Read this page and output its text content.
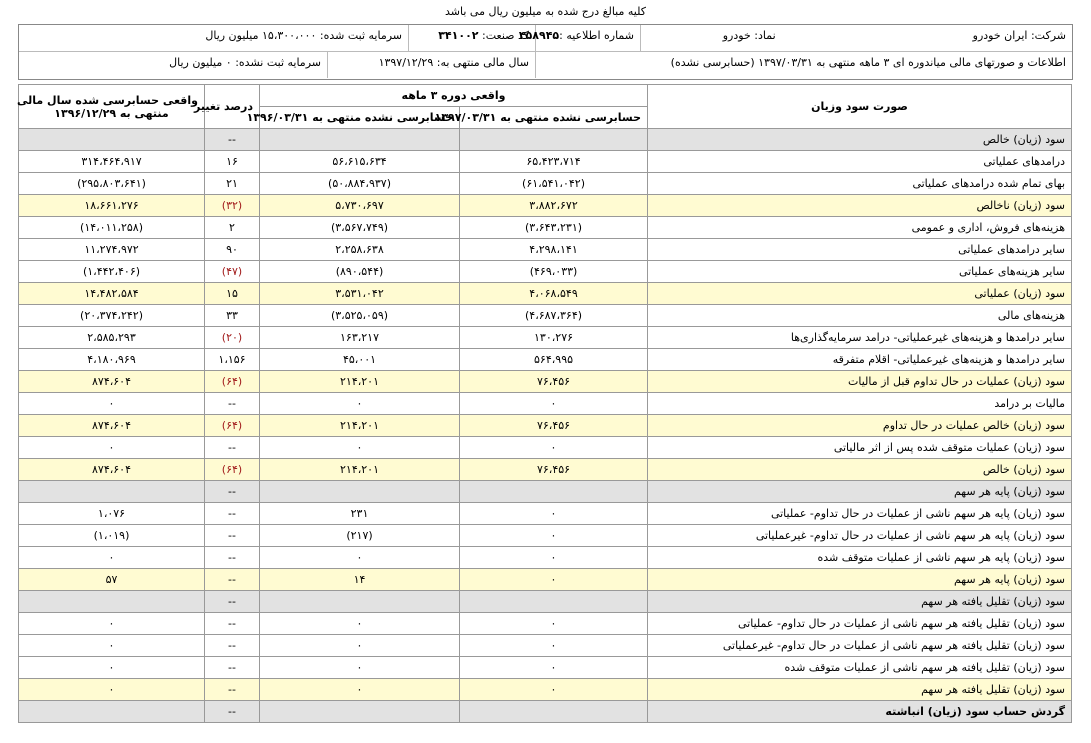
کلیه مبالغ درج شده به میلیون ریال می باشد
شرکت: ایران خودرو  نماد: خودرو
شماره اطلاعیه :۴۵۸۹۴۵
کد صنعت: ۳۴۱۰۰۲
سرمایه ثبت شده: ۱۵،۳۰۰،۰۰۰ میلیون ریال
اطلاعات و صورتهای مالی میاندوره ای ۳ ماهه منتهی به ۱۳۹۷/۰۳/۳۱ (حسابرسی نشده)
سال مالی منتهی به: ۱۳۹۷/۱۲/۲۹
سرمایه ثبت نشده: ۰ میلیون ریال
صورت سود وزیان	واقعی دوره ۳ ماهه		درصد تغییر	واقعی حسابرسی شده سال مالی
منتهی به ۱۳۹۶/۱۲/۲۹

	حسابرسی نشده منتهی به ۱۳۹۷/۰۳/۳۱	حسابرسی نشده منتهی به ۱۳۹۶/۰۳/۳۱		
سود (زیان) خالص			--	
درامدهای عملیاتی	۶۵،۴۲۳،۷۱۴	۵۶،۶۱۵،۶۳۴	۱۶	۳۱۴،۴۶۴،۹۱۷
بهای تمام شده درامدهای عملیاتی	(۶۱،۵۴۱،۰۴۲)	(۵۰،۸۸۴،۹۳۷)	۲۱	(۲۹۵،۸۰۳،۶۴۱)
سود (زیان) ناخالص	۳،۸۸۲،۶۷۲	۵،۷۳۰،۶۹۷	(۳۲)	۱۸،۶۶۱،۲۷۶
هزینه‌های فروش، اداری و عمومی	(۳،۶۴۳،۲۳۱)	(۳،۵۶۷،۷۴۹)	۲	(۱۴،۰۱۱،۲۵۸)
سایر درامدهای عملیاتی	۴،۲۹۸،۱۴۱	۲،۲۵۸،۶۳۸	۹۰	۱۱،۲۷۴،۹۷۲
سایر هزینه‌های عملیاتی	(۴۶۹،۰۳۳)	(۸۹۰،۵۴۴)	(۴۷)	(۱،۴۴۲،۴۰۶)
سود (زیان) عملیاتی	۴،۰۶۸،۵۴۹	۳،۵۳۱،۰۴۲	۱۵	۱۴،۴۸۲،۵۸۴
هزینه‌های مالی	(۴،۶۸۷،۳۶۴)	(۳،۵۲۵،۰۵۹)	۳۳	(۲۰،۳۷۴،۲۴۲)
سایر درامدها و هزینه‌های غیرعملیاتی- درامد سرمایه‌گذاری‌ها	۱۳۰،۲۷۶	۱۶۳،۲۱۷	(۲۰)	۲،۵۸۵،۲۹۳
سایر درامدها و هزینه‌های غیرعملیاتی- اقلام متفرقه	۵۶۴،۹۹۵	۴۵،۰۰۱	۱،۱۵۶	۴،۱۸۰،۹۶۹
سود (زیان) عملیات در حال تداوم قبل از مالیات	۷۶،۴۵۶	۲۱۴،۲۰۱	(۶۴)	۸۷۴،۶۰۴
مالیات بر درامد	۰	۰	--	۰
سود (زیان) خالص عملیات در حال تداوم	۷۶،۴۵۶	۲۱۴،۲۰۱	(۶۴)	۸۷۴،۶۰۴
سود (زیان) عملیات متوقف شده پس از اثر مالیاتی	۰	۰	--	۰
سود (زیان) خالص	۷۶،۴۵۶	۲۱۴،۲۰۱	(۶۴)	۸۷۴،۶۰۴
سود (زیان) پایه هر سهم			--	
سود (زیان) پایه هر سهم ناشی از عملیات در حال تداوم- عملیاتی	۰	۲۳۱	--	۱،۰۷۶
سود (زیان) پایه هر سهم ناشی از عملیات در حال تداوم- غیرعملیاتی	۰	(۲۱۷)	--	(۱،۰۱۹)
سود (زیان) پایه هر سهم ناشی از عملیات متوقف شده	۰	۰	--	۰
سود (زیان) پایه هر سهم	۰	۱۴	--	۵۷
سود (زیان) تقلیل یافته هر سهم			--	
سود (زیان) تقلیل یافته هر سهم ناشی از عملیات در حال تداوم- عملیاتی	۰	۰	--	۰
سود (زیان) تقلیل یافته هر سهم ناشی از عملیات در حال تداوم- غیرعملیاتی	۰	۰	--	۰
سود (زیان) تقلیل یافته هر سهم ناشی از عملیات متوقف شده	۰	۰	--	۰
سود (زیان) تقلیل یافته هر سهم	۰	۰	--	۰
گردش حساب سود (زیان) انباشته			--	
